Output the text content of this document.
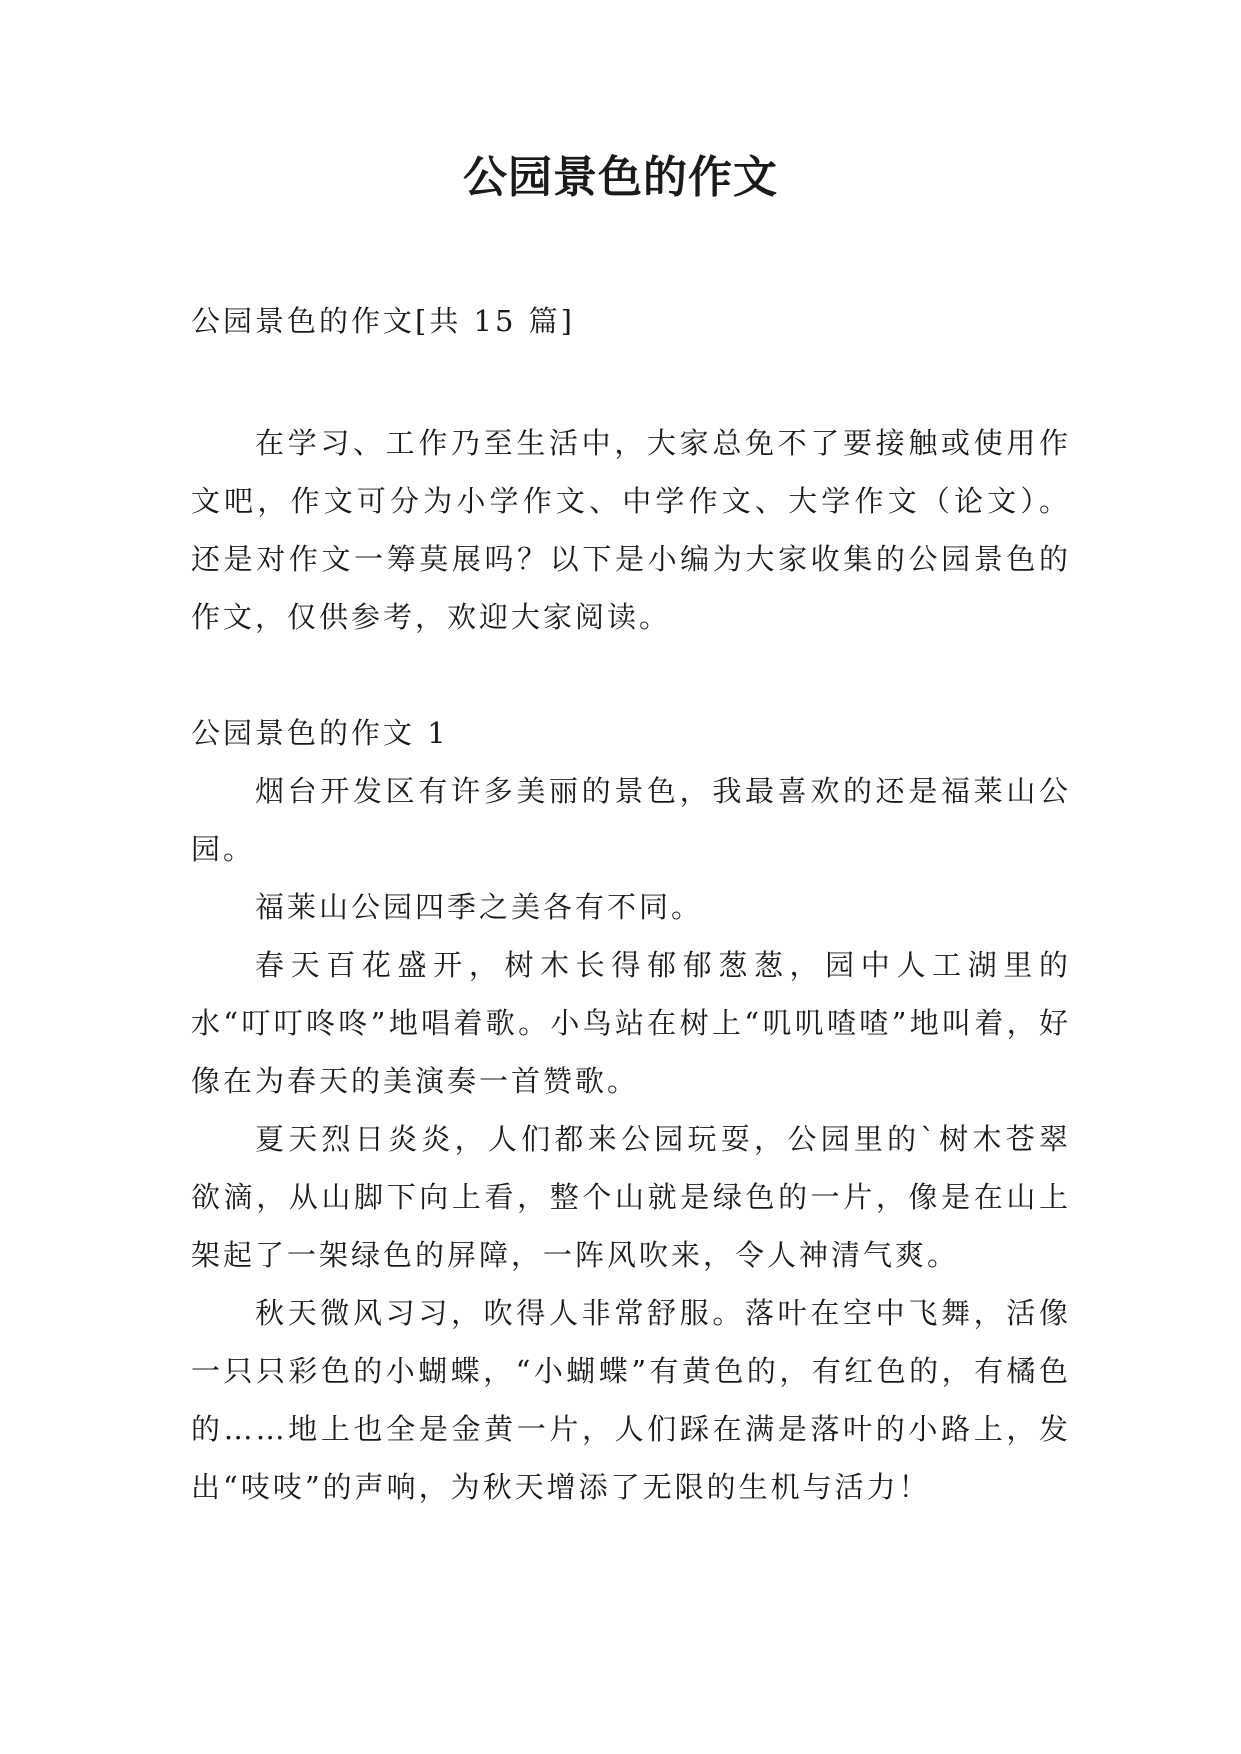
公园景色的作文

公园景色的作文[共 15 篇]

在学习、工作乃至生活中，大家总免不了要接触或使用作文吧，作文可分为小学作文、中学作文、大学作文（论文）。还是对作文一筹莫展吗？以下是小编为大家收集的公园景色的作文，仅供参考，欢迎大家阅读。

公园景色的作文 1

烟台开发区有许多美丽的景色，我最喜欢的还是福莱山公园。

福莱山公园四季之美各有不同。

春天百花盛开，树木长得郁郁葱葱，园中人工湖里的水“叮叮咚咚”地唱着歌。小鸟站在树上“叽叽喳喳”地叫着，好像在为春天的美演奏一首赞歌。

夏天烈日炎炎，人们都来公园玩耍，公园里的`树木苍翠欲滴，从山脚下向上看，整个山就是绿色的一片，像是在山上架起了一架绿色的屏障，一阵风吹来，令人神清气爽。

秋天微风习习，吹得人非常舒服。落叶在空中飞舞，活像一只只彩色的小蝴蝶，“小蝴蝶”有黄色的，有红色的，有橘色的……地上也全是金黄一片，人们踩在满是落叶的小路上，发出“吱吱”的声响，为秋天增添了无限的生机与活力！
